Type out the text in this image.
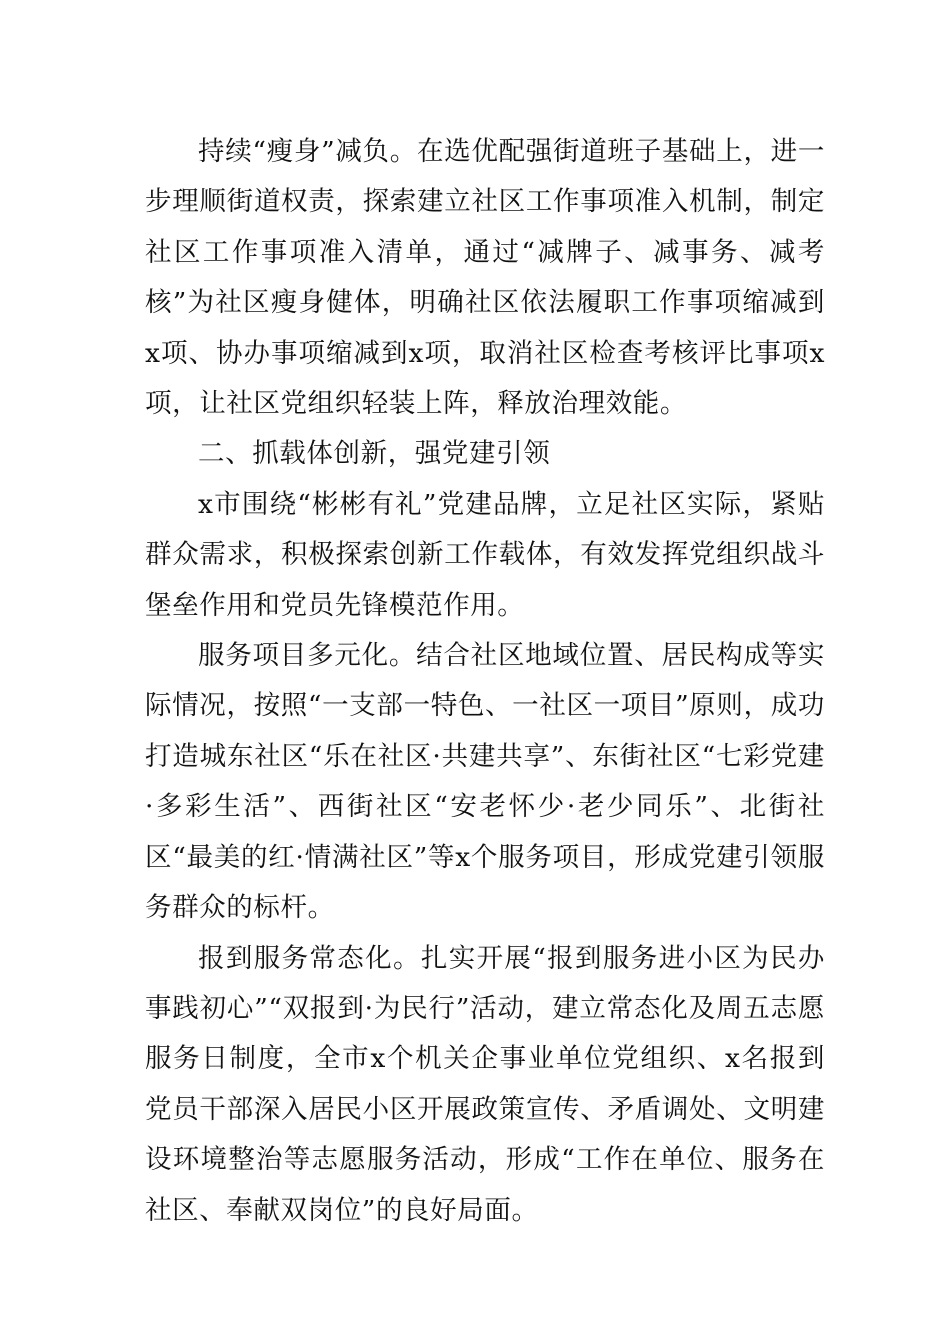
持续“瘦身”减负。在选优配强街道班子基础上，进一步理顺街道权责，探索建立社区工作事项准入机制，制定社区工作事项准入清单，通过“减牌子、减事务、减考核”为社区瘦身健体，明确社区依法履职工作事项缩减到x项、协办事项缩减到x项，取消社区检查考核评比事项x项，让社区党组织轻装上阵，释放治理效能。

二、抓载体创新，强党建引领

x市围绕“彬彬有礼”党建品牌，立足社区实际，紧贴群众需求，积极探索创新工作载体，有效发挥党组织战斗堡垒作用和党员先锋模范作用。

服务项目多元化。结合社区地域位置、居民构成等实际情况，按照“一支部一特色、一社区一项目”原则，成功打造城东社区“乐在社区·共建共享”、东街社区“七彩党建·多彩生活”、西街社区“安老怀少·老少同乐”、北街社区“最美的红·情满社区”等x个服务项目，形成党建引领服务群众的标杆。

报到服务常态化。扎实开展“报到服务进小区为民办事践初心”“双报到·为民行”活动，建立常态化及周五志愿服务日制度，全市x个机关企事业单位党组织、x名报到党员干部深入居民小区开展政策宣传、矛盾调处、文明建设环境整治等志愿服务活动，形成“工作在单位、服务在社区、奉献双岗位”的良好局面。
